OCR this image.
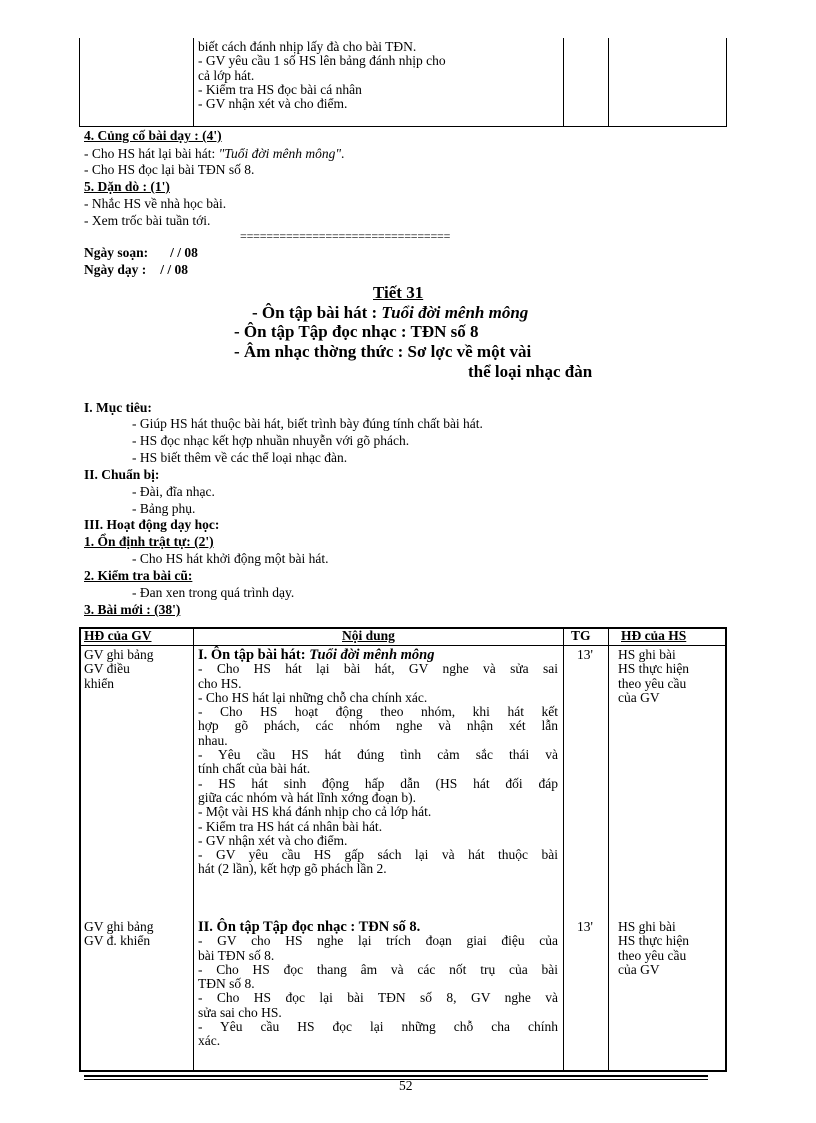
biết cách đánh nhịp lấy đà cho bài TĐN.
- GV yêu cầu 1 số HS lên bảng đánh nhịp cho
cả lớp hát.
- Kiểm tra HS đọc bài cá nhân
- GV nhận xét và cho điểm.
4. Củng cố bài dạy : (4')
- Cho HS hát lại bài hát: "Tuổi đời mênh mông".
- Cho HS đọc lại bài TĐN số 8.
5. Dặn dò : (1')
- Nhắc HS về nhà học bài.
- Xem trốc bài tuần tới.
================================
Ngày soạn: / / 08
Ngày dạy : / / 08
Tiết 31
- Ôn tập bài hát : Tuổi đời mênh mông
- Ôn tập Tập đọc nhạc : TĐN số 8
- Âm nhạc thờng thức : Sơ lợc về một vài
thể loại nhạc đàn
I. Mục tiêu:
- Giúp HS hát thuộc bài hát, biết trình bày đúng tính chất bài hát.
- HS đọc nhạc kết hợp nhuần nhuyễn với gõ phách.
- HS biết thêm về các thể loại nhạc đàn.
II. Chuẩn bị:
- Đài, đĩa nhạc.
- Bảng phụ.
III. Hoạt động dạy học:
1. Ổn định trật tự: (2')
- Cho HS hát khởi động một bài hát.
2. Kiểm tra bài cũ:
- Đan xen trong quá trình dạy.
3. Bài mới : (38')
HĐ của GV	Nội dung	TG HĐ của HS
GV ghi bảng
GV điều
khiển
I. Ôn tập bài hát: Tuổi đời mênh mông
- Cho HS hát lại bài hát, GV nghe và sửa sai
cho HS.
- Cho HS hát lại những chỗ cha chính xác.
- Cho HS hoạt động theo nhóm, khi hát kết
hợp gõ phách, các nhóm nghe và nhận xét lẫn
nhau.
- Yêu cầu HS hát đúng tình cảm sắc thái và
tính chất của bài hát.
- HS hát sinh động hấp dẫn (HS hát đối đáp
giữa các nhóm và hát lĩnh xớng đoạn b).
- Một vài HS khá đánh nhịp cho cả lớp hát.
- Kiểm tra HS hát cá nhân bài hát.
- GV nhận xét và cho điểm.
- GV yêu cầu HS gấp sách lại và hát thuộc bài
hát (2 lần), kết hợp gõ phách lần 2.
13' HS ghi bài
HS thực hiện
theo yêu cầu
của GV
GV ghi bảng
GV đ. khiển
II. Ôn tập Tập đọc nhạc : TĐN số 8.
- GV cho HS nghe lại trích đoạn giai điệu của
bài TĐN số 8.
- Cho HS đọc thang âm và các nốt trụ của bài
TĐN số 8.
- Cho HS đọc lại bài TĐN số 8, GV nghe và
sửa sai cho HS.
- Yêu cầu HS đọc lại những chỗ cha chính
xác.
13' HS ghi bài
HS thực hiện
theo yêu cầu
của GV
52
